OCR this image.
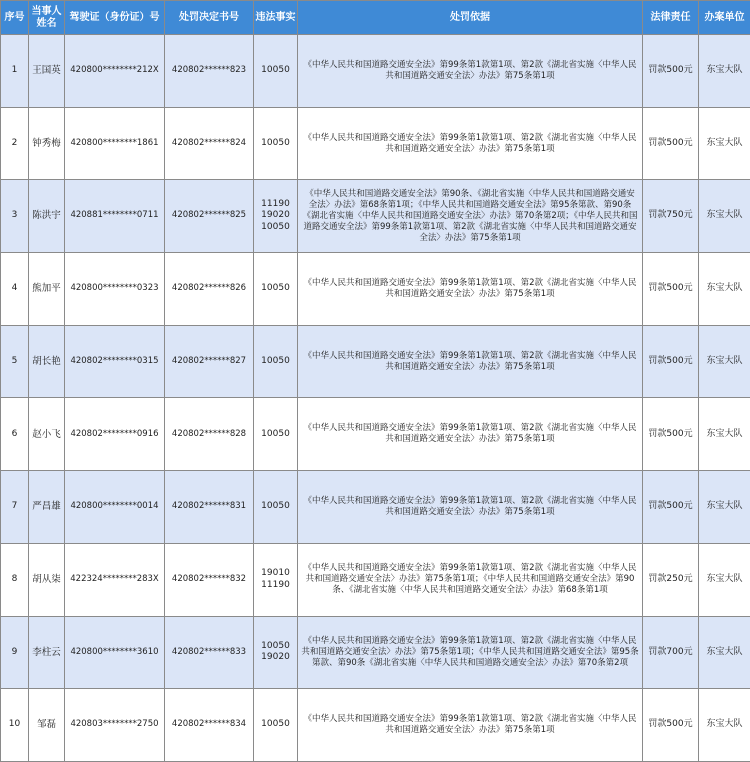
序号	当事人姓名	驾驶证（身份证）号	处罚决定书号	违法事实	处罚依据	法律责任	办案单位
1	王国英	420800********212X	420802******823	10050	《中华人民共和国道路交通安全法》第99条第1款第1项、第2款《湖北省实施〈中华人民共和国道路交通安全法〉办法》第75条第1项	罚款500元	东宝大队
2	钟秀梅	420800********1861	420802******824	10050	《中华人民共和国道路交通安全法》第99条第1款第1项、第2款《湖北省实施〈中华人民共和国道路交通安全法〉办法》第75条第1项	罚款500元	东宝大队
3	陈洪宇	420881********0711	420802******825	11190
19020
10050	《中华人民共和国道路交通安全法》第90条、《湖北省实施〈中华人民共和国道路交通安全法〉办法》第68条第1项；《中华人民共和国道路交通安全法》第95条第款、第90条《湖北省实施〈中华人民共和国道路交通安全法〉办法》第70条第2项；《中华人民共和国道路交通安全法》第99条第1款第1项、第2款《湖北省实施〈中华人民共和国道路交通安全法〉办法》第75条第1项	罚款750元	东宝大队
4	熊加平	420800********0323	420802******826	10050	《中华人民共和国道路交通安全法》第99条第1款第1项、第2款《湖北省实施〈中华人民共和国道路交通安全法〉办法》第75条第1项	罚款500元	东宝大队
5	胡长艳	420802********0315	420802******827	10050	《中华人民共和国道路交通安全法》第99条第1款第1项、第2款《湖北省实施〈中华人民共和国道路交通安全法〉办法》第75条第1项	罚款500元	东宝大队
6	赵小飞	420802********0916	420802******828	10050	《中华人民共和国道路交通安全法》第99条第1款第1项、第2款《湖北省实施〈中华人民共和国道路交通安全法〉办法》第75条第1项	罚款500元	东宝大队
7	严昌雄	420800********0014	420802******831	10050	《中华人民共和国道路交通安全法》第99条第1款第1项、第2款《湖北省实施〈中华人民共和国道路交通安全法〉办法》第75条第1项	罚款500元	东宝大队
8	胡从柒	422324********283X	420802******832	19010
11190	《中华人民共和国道路交通安全法》第99条第1款第1项、第2款《湖北省实施〈中华人民共和国道路交通安全法〉办法》第75条第1项；《中华人民共和国道路交通安全法》第90条、《湖北省实施〈中华人民共和国道路交通安全法〉办法》第68条第1项	罚款250元	东宝大队
9	李柱云	420800********3610	420802******833	10050
19020	《中华人民共和国道路交通安全法》第99条第1款第1项、第2款《湖北省实施〈中华人民共和国道路交通安全法〉办法》第75条第1项；《中华人民共和国道路交通安全法》第95条第款、第90条《湖北省实施〈中华人民共和国道路交通安全法〉办法》第70条第2项	罚款700元	东宝大队
10	邹磊	420803********2750	420802******834	10050	《中华人民共和国道路交通安全法》第99条第1款第1项、第2款《湖北省实施〈中华人民共和国道路交通安全法〉办法》第75条第1项	罚款500元	东宝大队
